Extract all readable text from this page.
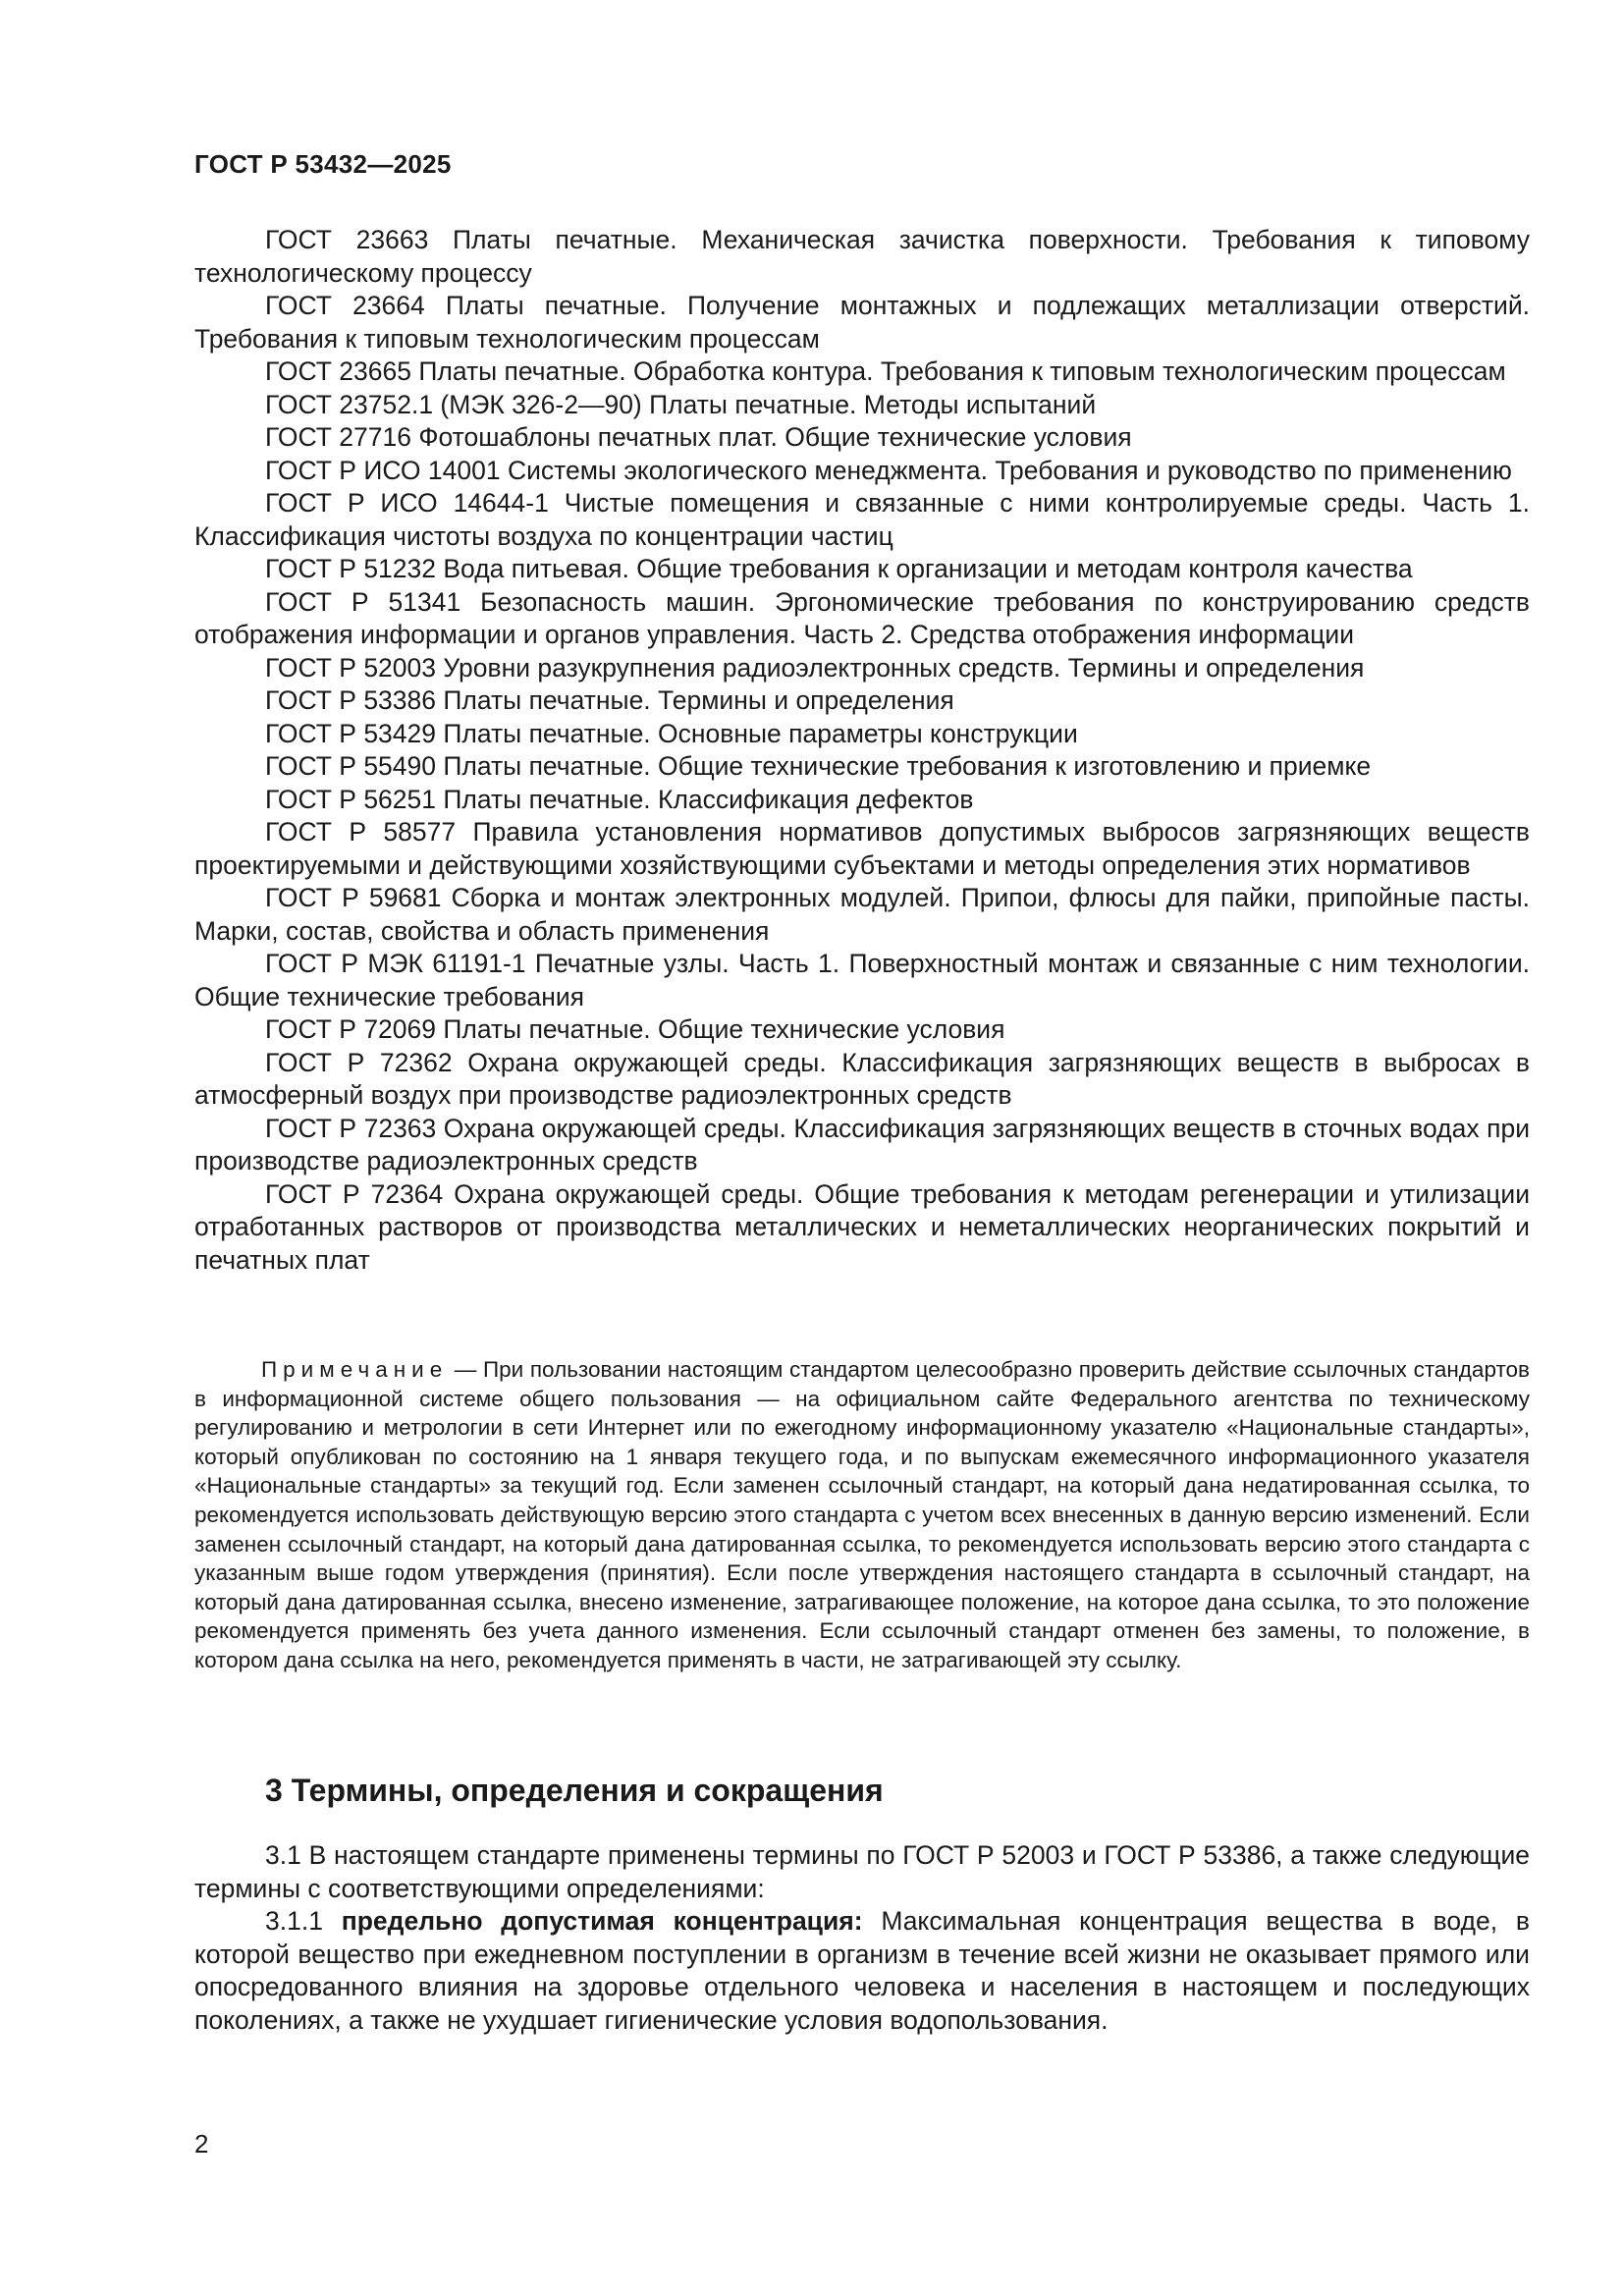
ГОСТ Р 53432—2025

ГОСТ 23663 Платы печатные. Механическая зачистка поверхности. Требования к типовому технологическому процессу

ГОСТ 23664 Платы печатные. Получение монтажных и подлежащих металлизации отверстий. Требования к типовым технологическим процессам

ГОСТ 23665 Платы печатные. Обработка контура. Требования к типовым технологическим процессам

ГОСТ 23752.1 (МЭК 326-2—90) Платы печатные. Методы испытаний

ГОСТ 27716 Фотошаблоны печатных плат. Общие технические условия

ГОСТ Р ИСО 14001 Системы экологического менеджмента. Требования и руководство по применению

ГОСТ Р ИСО 14644-1 Чистые помещения и связанные с ними контролируемые среды. Часть 1. Классификация чистоты воздуха по концентрации частиц

ГОСТ Р 51232 Вода питьевая. Общие требования к организации и методам контроля качества

ГОСТ Р 51341 Безопасность машин. Эргономические требования по конструированию средств отображения информации и органов управления. Часть 2. Средства отображения информации

ГОСТ Р 52003 Уровни разукрупнения радиоэлектронных средств. Термины и определения

ГОСТ Р 53386 Платы печатные. Термины и определения

ГОСТ Р 53429 Платы печатные. Основные параметры конструкции

ГОСТ Р 55490 Платы печатные. Общие технические требования к изготовлению и приемке

ГОСТ Р 56251 Платы печатные. Классификация дефектов

ГОСТ Р 58577 Правила установления нормативов допустимых выбросов загрязняющих веществ проектируемыми и действующими хозяйствующими субъектами и методы определения этих нормативов

ГОСТ Р 59681 Сборка и монтаж электронных модулей. Припои, флюсы для пайки, припойные пасты. Марки, состав, свойства и область применения

ГОСТ Р МЭК 61191-1 Печатные узлы. Часть 1. Поверхностный монтаж и связанные с ним технологии. Общие технические требования

ГОСТ Р 72069 Платы печатные. Общие технические условия

ГОСТ Р 72362 Охрана окружающей среды. Классификация загрязняющих веществ в выбросах в атмосферный воздух при производстве радиоэлектронных средств

ГОСТ Р 72363 Охрана окружающей среды. Классификация загрязняющих веществ в сточных водах при производстве радиоэлектронных средств

ГОСТ Р 72364 Охрана окружающей среды. Общие требования к методам регенерации и утилизации отработанных растворов от производства металлических и неметаллических неорганических покрытий и печатных плат

Примечание — При пользовании настоящим стандартом целесообразно проверить действие ссылочных стандартов в информационной системе общего пользования — на официальном сайте Федерального агентства по техническому регулированию и метрологии в сети Интернет или по ежегодному информационному указателю «Национальные стандарты», который опубликован по состоянию на 1 января текущего года, и по выпускам ежемесячного информационного указателя «Национальные стандарты» за текущий год. Если заменен ссылочный стандарт, на который дана недатированная ссылка, то рекомендуется использовать действующую версию этого стандарта с учетом всех внесенных в данную версию изменений. Если заменен ссылочный стандарт, на который дана датированная ссылка, то рекомендуется использовать версию этого стандарта с указанным выше годом утверждения (принятия). Если после утверждения настоящего стандарта в ссылочный стандарт, на который дана датированная ссылка, внесено изменение, затрагивающее положение, на которое дана ссылка, то это положение рекомендуется применять без учета данного изменения. Если ссылочный стандарт отменен без замены, то положение, в котором дана ссылка на него, рекомендуется применять в части, не затрагивающей эту ссылку.

3 Термины, определения и сокращения

3.1 В настоящем стандарте применены термины по ГОСТ Р 52003 и ГОСТ Р 53386, а также следующие термины с соответствующими определениями:

3.1.1 предельно допустимая концентрация: Максимальная концентрация вещества в воде, в которой вещество при ежедневном поступлении в организм в течение всей жизни не оказывает прямого или опосредованного влияния на здоровье отдельного человека и населения в настоящем и последующих поколениях, а также не ухудшает гигиенические условия водопользования.

2
